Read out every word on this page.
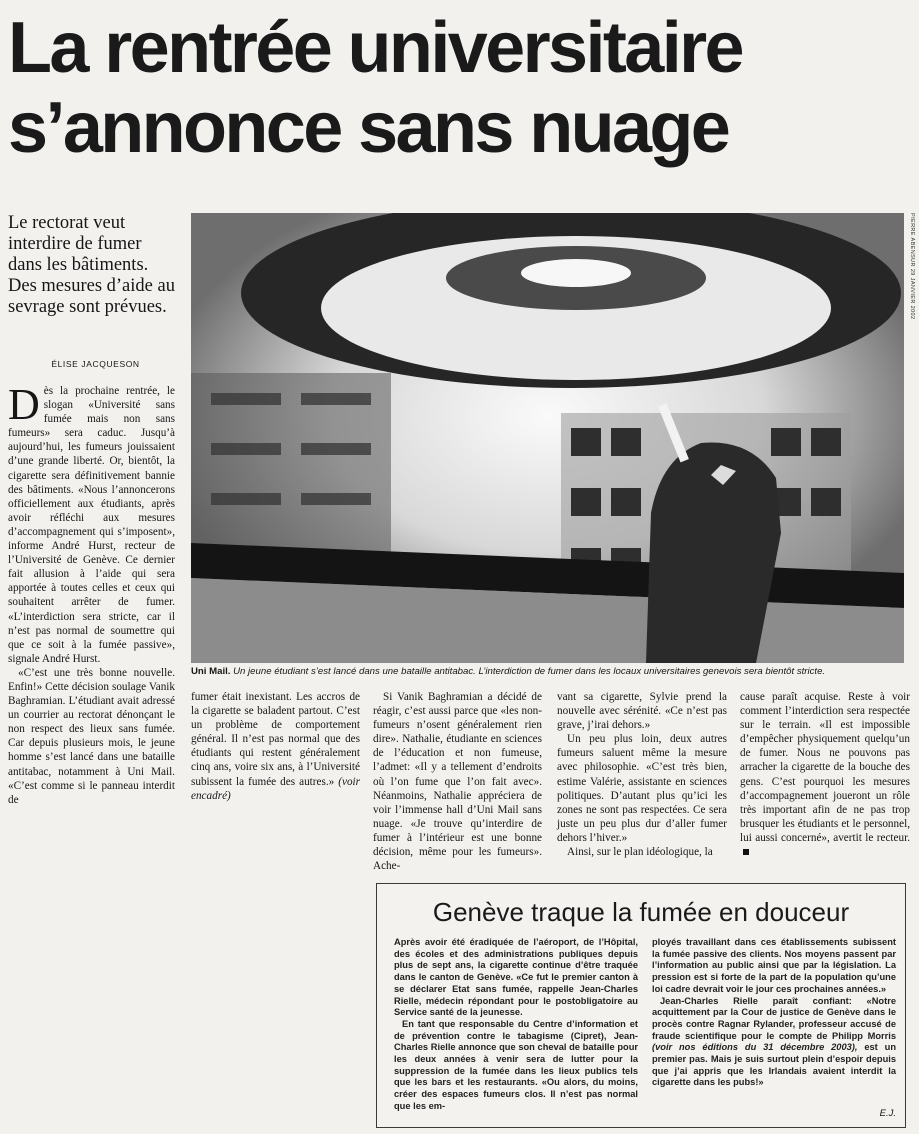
La rentrée universitaire
s’annonce sans nuage
Le rectorat veut interdire de fumer dans les bâtiments. Des mesures d’aide au sevrage sont prévues.
ÉLISE JACQUESON

Dès la prochaine rentrée, le slogan «Université sans fumée mais non sans fumeurs» sera caduc. Jusqu’à aujourd’hui, les fumeurs jouissaient d’une grande liberté. Or, bientôt, la cigarette sera définitivement bannie des bâtiments. «Nous l’annoncerons officiellement aux étudiants, après avoir réfléchi aux mesures d’accompagnement qui s’imposent», informe André Hurst, recteur de l’Université de Genève. Ce dernier fait allusion à l’aide qui sera apportée à toutes celles et ceux qui souhaitent arrêter de fumer. «L’interdiction sera stricte, car il n’est pas normal de soumettre qui que ce soit à la fumée passive», signale André Hurst.

«C’est une très bonne nouvelle. Enfin!» Cette décision soulage Vanik Baghramian. L’étudiant avait adressé un courrier au rectorat dénonçant le non respect des lieux sans fumée. Car depuis plusieurs mois, le jeune homme s’est lancé dans une bataille antitabac, notamment à Uni Mail. «C’est comme si le panneau interdit de

PIERRE ABENSUR 29 JANVIER 2002
Uni Mail. Un jeune étudiant s’est lancé dans une bataille antitabac. L’interdiction de fumer dans les locaux universitaires genevois sera bientôt stricte.

fumer était inexistant. Les accros de la cigarette se baladent partout. C’est un problème de comportement général. Il n’est pas normal que des étudiants qui restent généralement cinq ans, voire six ans, à l’Université subissent la fumée des autres.» (voir encadré)

Si Vanik Baghramian a décidé de réagir, c’est aussi parce que «les non-fumeurs n’osent généralement rien dire». Nathalie, étudiante en sciences de l’éducation et non fumeuse, l’admet: «Il y a tellement d’endroits où l’on fume que l’on fait avec». Néanmoins, Nathalie appréciera de voir l’immense hall d’Uni Mail sans nuage. «Je trouve qu’interdire de fumer à l’intérieur est une bonne décision, même pour les fumeurs». Ache-

vant sa cigarette, Sylvie prend la nouvelle avec sérénité. «Ce n’est pas grave, j’irai dehors.»

Un peu plus loin, deux autres fumeurs saluent même la mesure avec philosophie. «C’est très bien, estime Valérie, assistante en sciences politiques. D’autant plus qu’ici les zones ne sont pas respectées. Ce sera juste un peu plus dur d’aller fumer dehors l’hiver.»

Ainsi, sur le plan idéologique, la

cause paraît acquise. Reste à voir comment l’interdiction sera respectée sur le terrain. «Il est impossible d’empêcher physiquement quelqu’un de fumer. Nous ne pouvons pas arracher la cigarette de la bouche des gens. C’est pourquoi les mesures d’accompagnement joueront un rôle très important afin de ne pas trop brusquer les étudiants et le personnel, lui aussi concerné», avertit le recteur.

Genève traque la fumée en douceur

Après avoir été éradiquée de l’aéroport, de l’Hôpital, des écoles et des administrations publiques depuis plus de sept ans, la cigarette continue d’être traquée dans le canton de Genève. «Ce fut le premier canton à se déclarer Etat sans fumée, rappelle Jean-Charles Rielle, médecin répondant pour le postobligatoire au Service santé de la jeunesse.

En tant que responsable du Centre d’information et de prévention contre le tabagisme (Cipret), Jean-Charles Rielle annonce que son cheval de bataille pour les deux années à venir sera de lutter pour la suppression de la fumée dans les lieux publics tels que les bars et les restaurants. «Ou alors, du moins, créer des espaces fumeurs clos. Il n’est pas normal que les em-

ployés travaillant dans ces établissements subissent la fumée passive des clients. Nos moyens passent par l’information au public ainsi que par la législation. La pression est si forte de la part de la population qu’une loi cadre devrait voir le jour ces prochaines années.»

Jean-Charles Rielle paraît confiant: «Notre acquittement par la Cour de justice de Genève dans le procès contre Ragnar Rylander, professeur accusé de fraude scientifique pour le compte de Philipp Morris (voir nos éditions du 31 décembre 2003), est un premier pas. Mais je suis surtout plein d’espoir depuis que j’ai appris que les Irlandais avaient interdit la cigarette dans les pubs!»

E.J.
